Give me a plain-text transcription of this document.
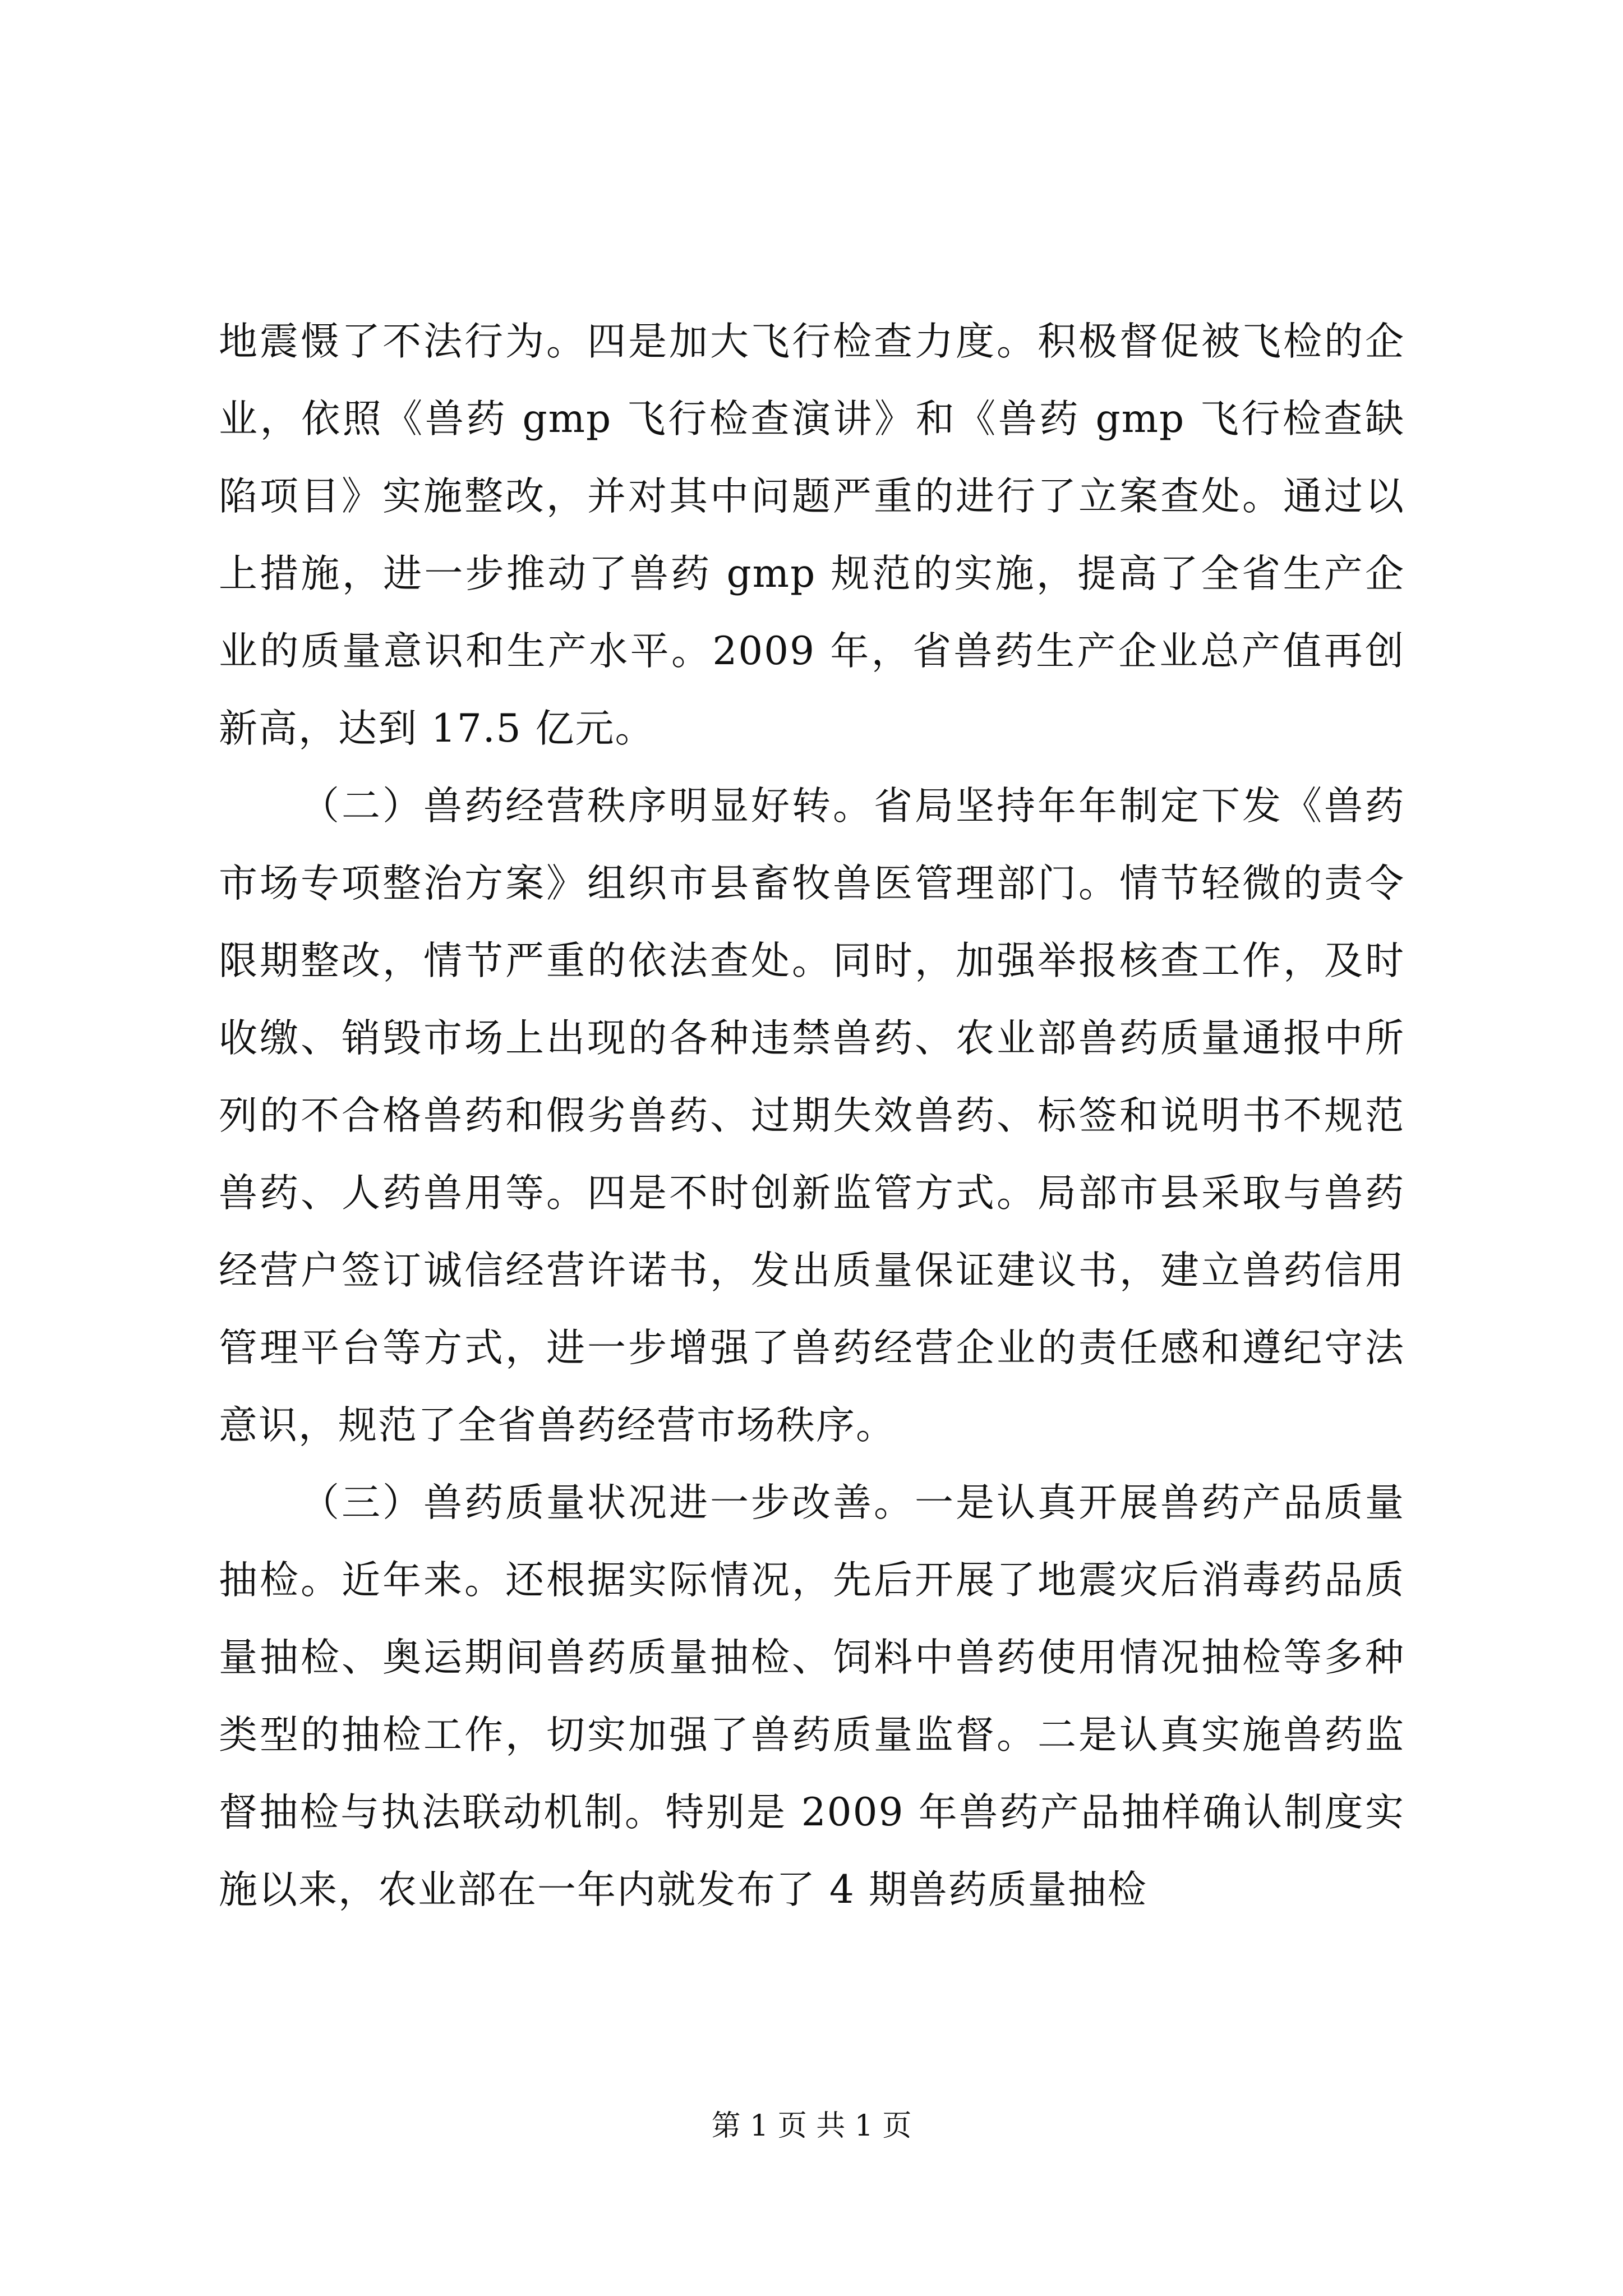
地震慑了不法行为。四是加大飞行检查力度。积极督促被飞检的企业，依照《兽药 gmp 飞行检查演讲》和《兽药 gmp 飞行检查缺陷项目》实施整改，并对其中问题严重的进行了立案查处。通过以上措施，进一步推动了兽药 gmp 规范的实施，提高了全省生产企业的质量意识和生产水平。2009 年，省兽药生产企业总产值再创新高，达到 17.5 亿元。

（二）兽药经营秩序明显好转。省局坚持年年制定下发《兽药市场专项整治方案》组织市县畜牧兽医管理部门。情节轻微的责令限期整改，情节严重的依法查处。同时，加强举报核查工作，及时收缴、销毁市场上出现的各种违禁兽药、农业部兽药质量通报中所列的不合格兽药和假劣兽药、过期失效兽药、标签和说明书不规范兽药、人药兽用等。四是不时创新监管方式。局部市县采取与兽药经营户签订诚信经营许诺书，发出质量保证建议书，建立兽药信用管理平台等方式，进一步增强了兽药经营企业的责任感和遵纪守法意识，规范了全省兽药经营市场秩序。

（三）兽药质量状况进一步改善。一是认真开展兽药产品质量抽检。近年来。还根据实际情况，先后开展了地震灾后消毒药品质量抽检、奥运期间兽药质量抽检、饲料中兽药使用情况抽检等多种类型的抽检工作，切实加强了兽药质量监督。二是认真实施兽药监督抽检与执法联动机制。特别是 2009 年兽药产品抽样确认制度实施以来，农业部在一年内就发布了 4 期兽药质量抽检

第 1 页 共 1 页
